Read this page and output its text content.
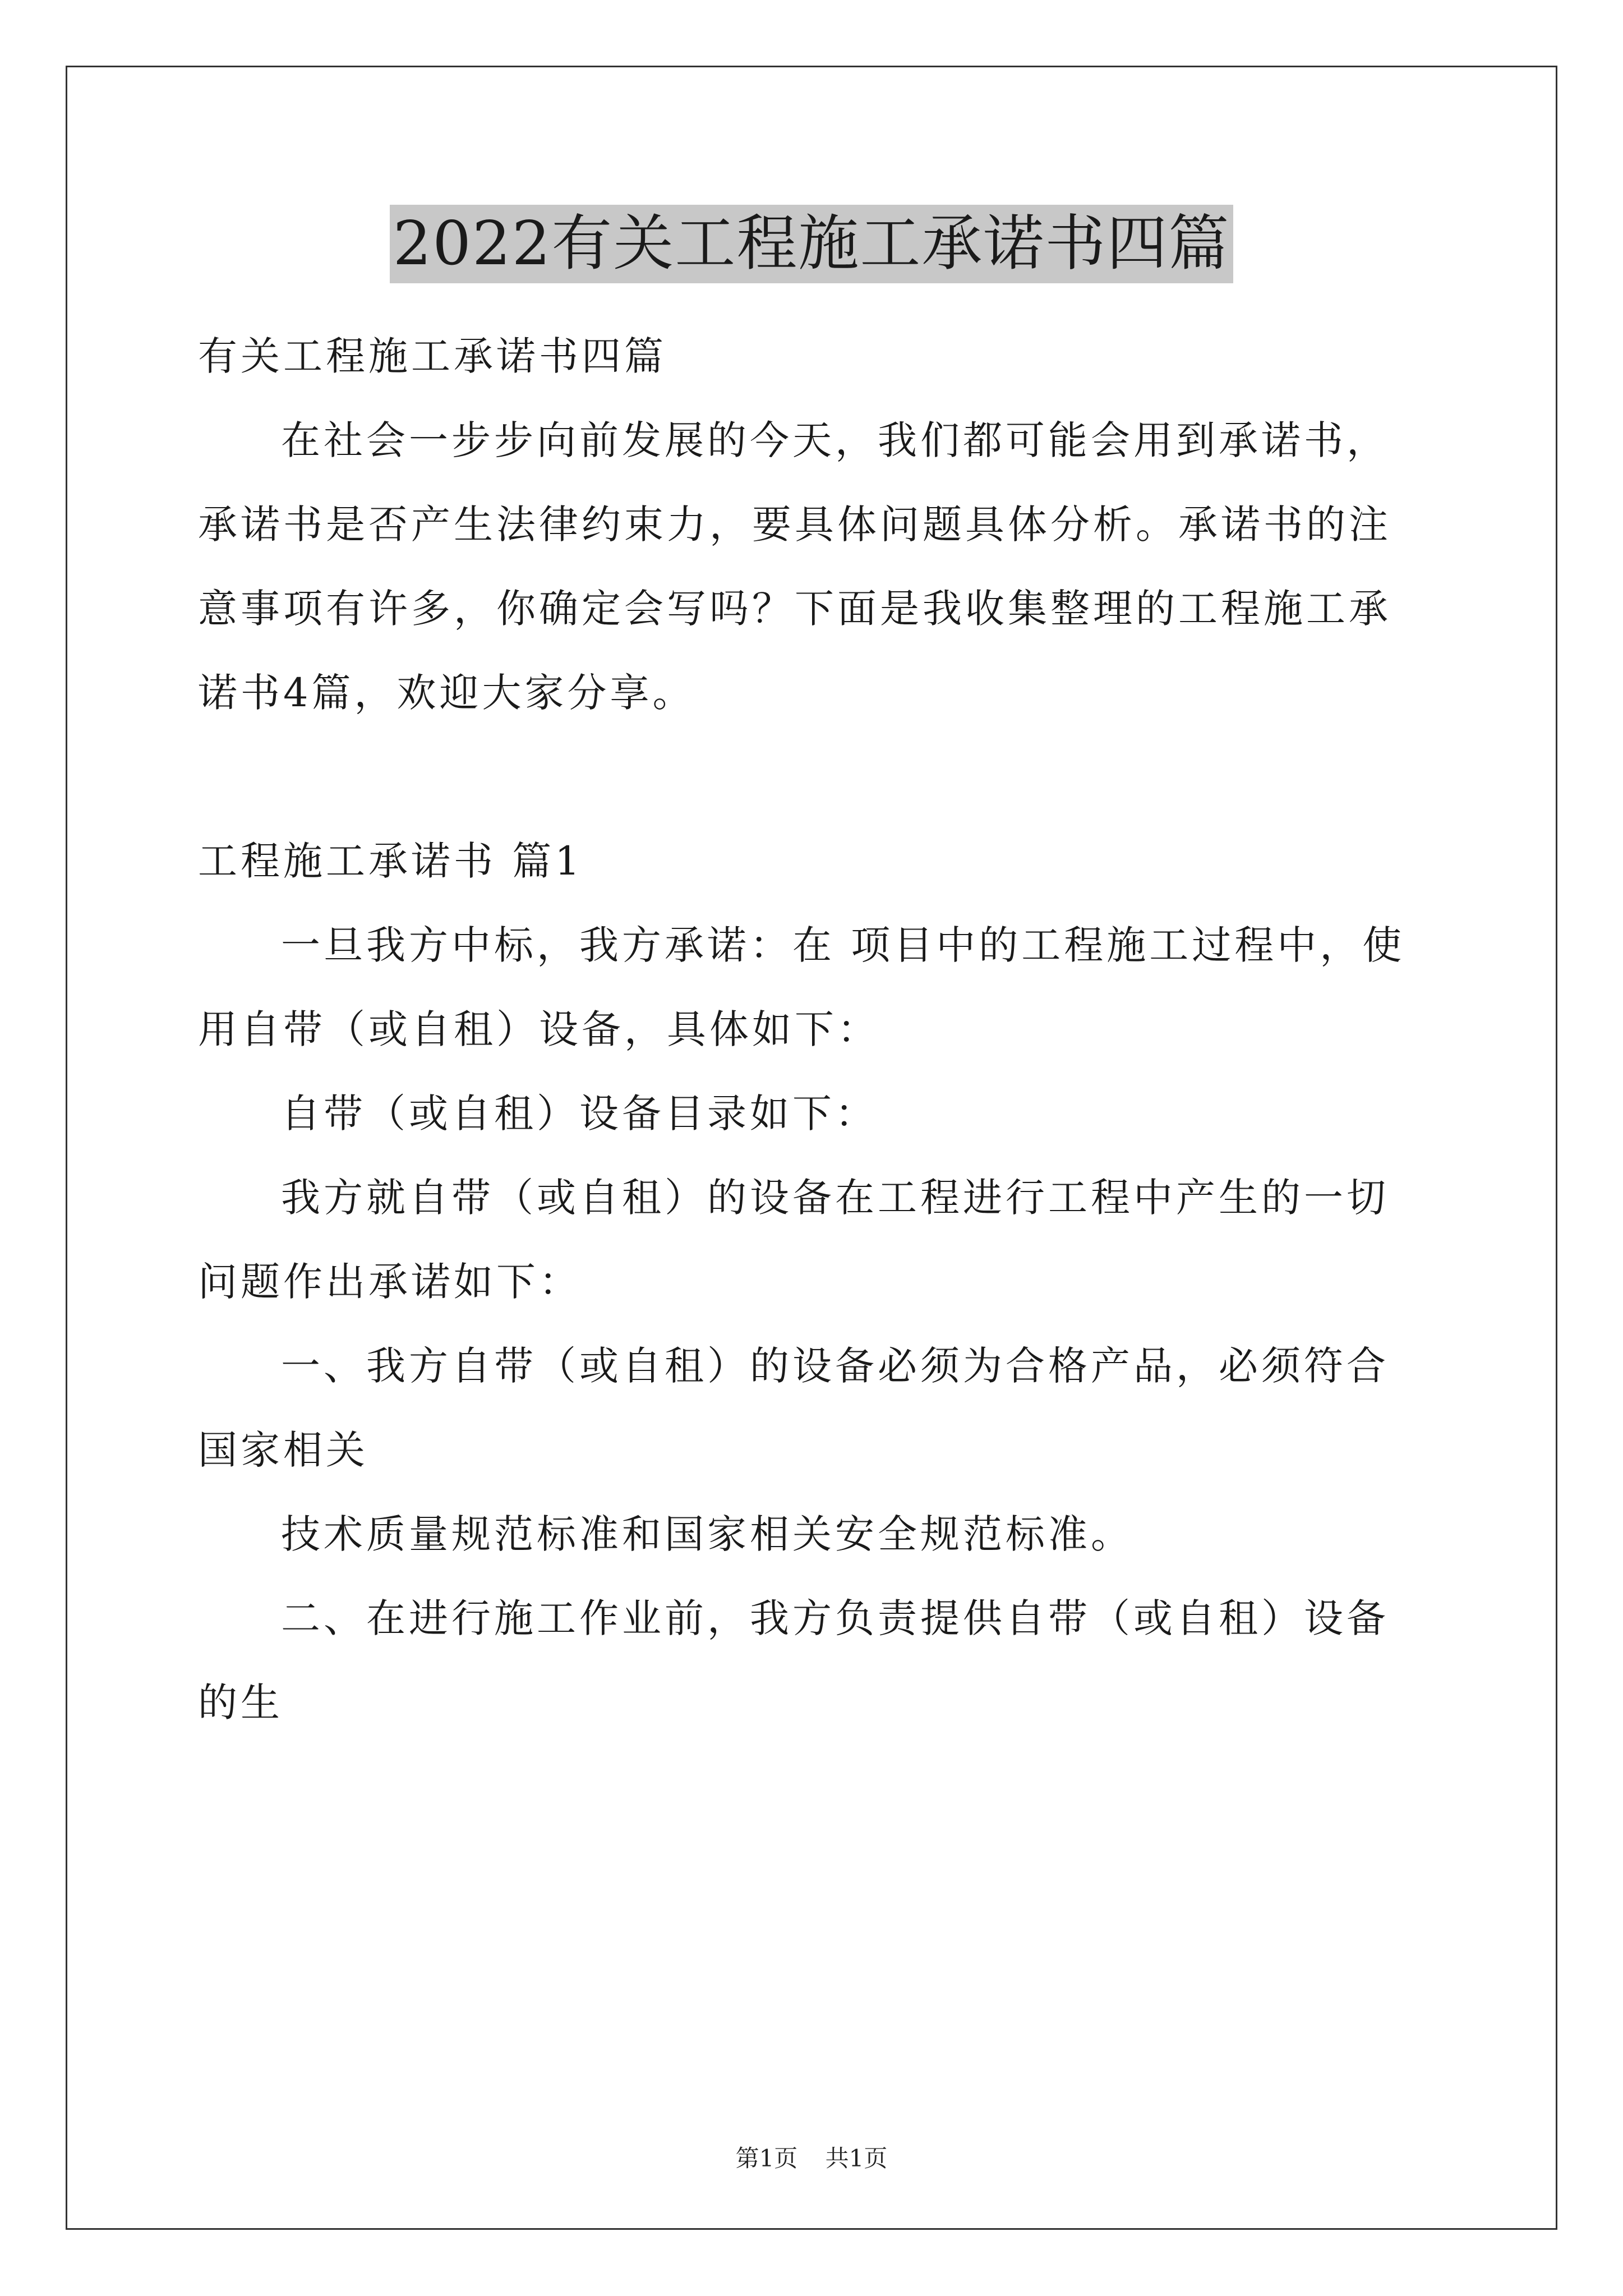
2022有关工程施工承诺书四篇

有关工程施工承诺书四篇

在社会一步步向前发展的今天，我们都可能会用到承诺书，承诺书是否产生法律约束力，要具体问题具体分析。承诺书的注意事项有许多，你确定会写吗？下面是我收集整理的工程施工承诺书4篇，欢迎大家分享。

工程施工承诺书 篇1

一旦我方中标，我方承诺：在 项目中的工程施工过程中，使用自带（或自租）设备，具体如下：

自带（或自租）设备目录如下：

我方就自带（或自租）的设备在工程进行工程中产生的一切问题作出承诺如下：

一、我方自带（或自租）的设备必须为合格产品，必须符合国家相关

技术质量规范标准和国家相关安全规范标准。

二、在进行施工作业前，我方负责提供自带（或自租）设备的生

第1页 共1页
